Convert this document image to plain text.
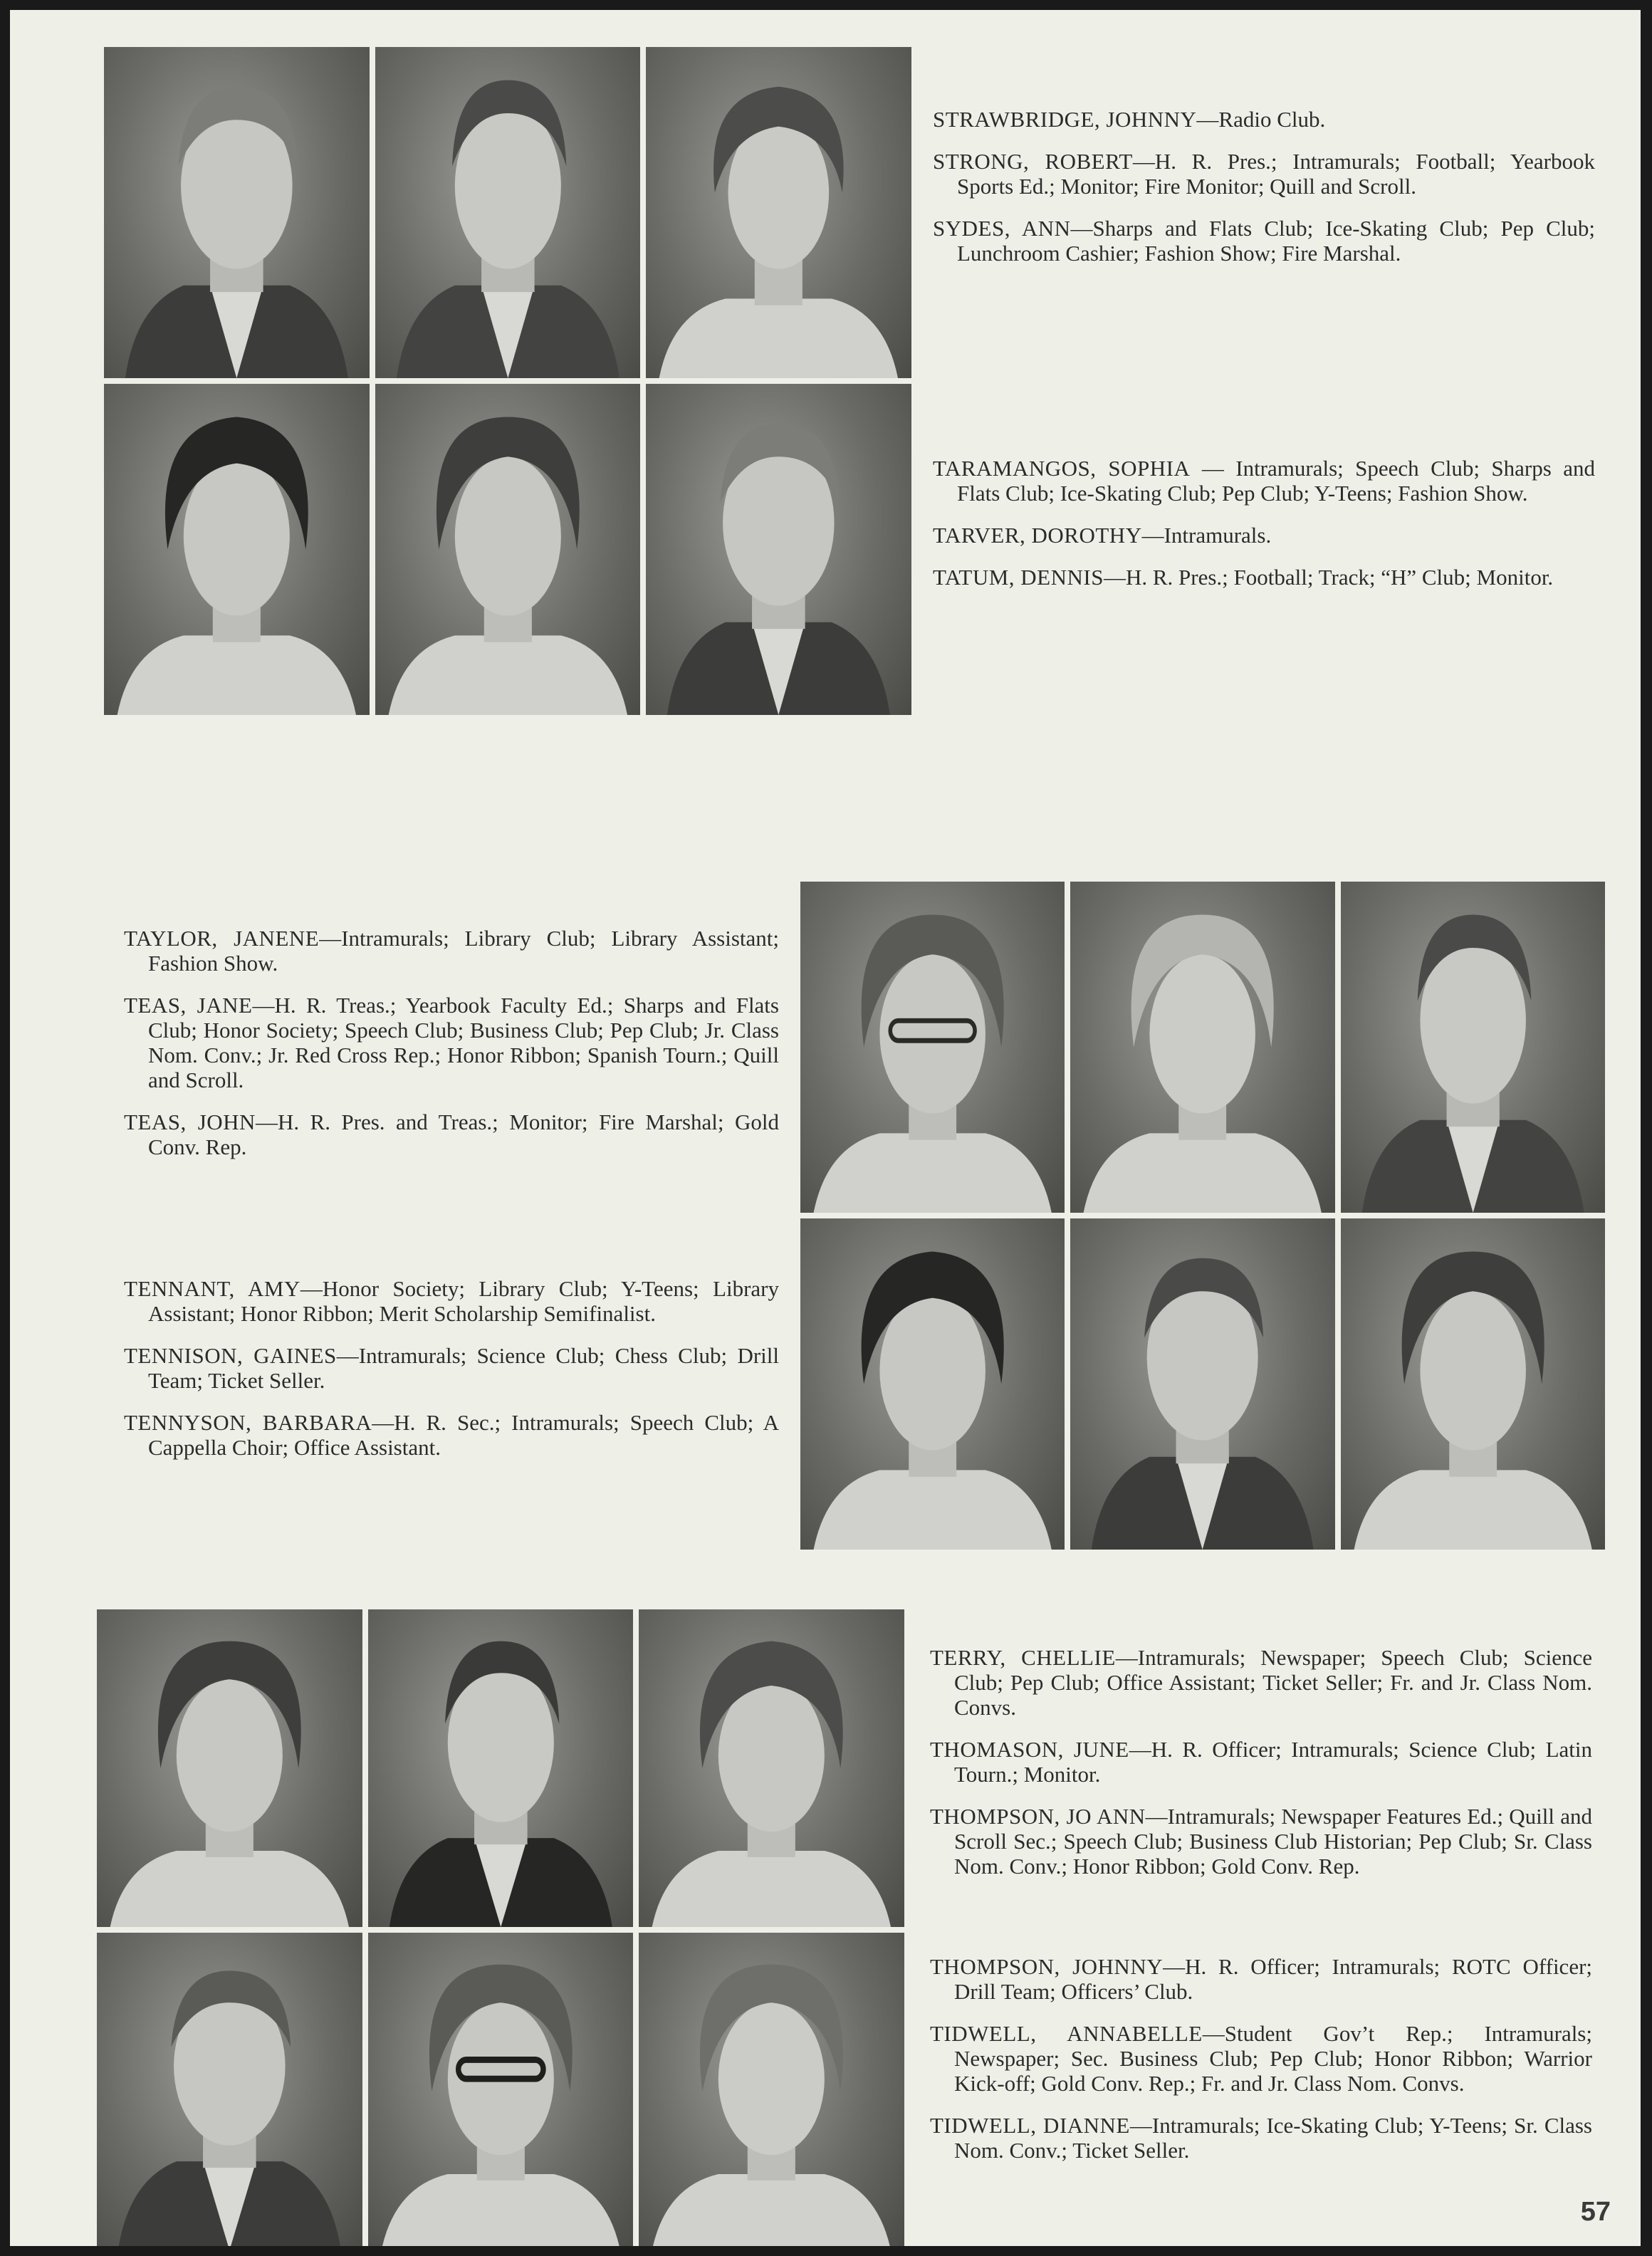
STRAWBRIDGE, JOHNNY—Radio Club.

STRONG, ROBERT—H. R. Pres.; Intramurals; Football; Yearbook Sports Ed.; Monitor; Fire Monitor; Quill and Scroll.

SYDES, ANN—Sharps and Flats Club; Ice-Skating Club; Pep Club; Lunchroom Cashier; Fashion Show; Fire Marshal.

TARAMANGOS, SOPHIA — Intramurals; Speech Club; Sharps and Flats Club; Ice-Skating Club; Pep Club; Y-Teens; Fashion Show.

TARVER, DOROTHY—Intramurals.

TATUM, DENNIS—H. R. Pres.; Football; Track; “H” Club; Monitor.

TAYLOR, JANENE—Intramurals; Library Club; Library Assistant; Fashion Show.

TEAS, JANE—H. R. Treas.; Yearbook Faculty Ed.; Sharps and Flats Club; Honor Society; Speech Club; Business Club; Pep Club; Jr. Class Nom. Conv.; Jr. Red Cross Rep.; Honor Ribbon; Spanish Tourn.; Quill and Scroll.

TEAS, JOHN—H. R. Pres. and Treas.; Monitor; Fire Marshal; Gold Conv. Rep.

TENNANT, AMY—Honor Society; Library Club; Y-Teens; Library Assistant; Honor Ribbon; Merit Scholarship Semifinalist.

TENNISON, GAINES—Intramurals; Science Club; Chess Club; Drill Team; Ticket Seller.

TENNYSON, BARBARA—H. R. Sec.; Intramurals; Speech Club; A Cappella Choir; Office Assistant.

TERRY, CHELLIE—Intramurals; Newspaper; Speech Club; Science Club; Pep Club; Office Assistant; Ticket Seller; Fr. and Jr. Class Nom. Convs.

THOMASON, JUNE—H. R. Officer; Intramurals; Science Club; Latin Tourn.; Monitor.

THOMPSON, JO ANN—Intramurals; Newspaper Features Ed.; Quill and Scroll Sec.; Speech Club; Business Club Historian; Pep Club; Sr. Class Nom. Conv.; Honor Ribbon; Gold Conv. Rep.

THOMPSON, JOHNNY—H. R. Officer; Intramurals; ROTC Officer; Drill Team; Officers’ Club.

TIDWELL, ANNABELLE—Student Gov’t Rep.; Intramurals; Newspaper; Sec. Business Club; Pep Club; Honor Ribbon; Warrior Kick-off; Gold Conv. Rep.; Fr. and Jr. Class Nom. Convs.

TIDWELL, DIANNE—Intramurals; Ice-Skating Club; Y-Teens; Sr. Class Nom. Conv.; Ticket Seller.

57
